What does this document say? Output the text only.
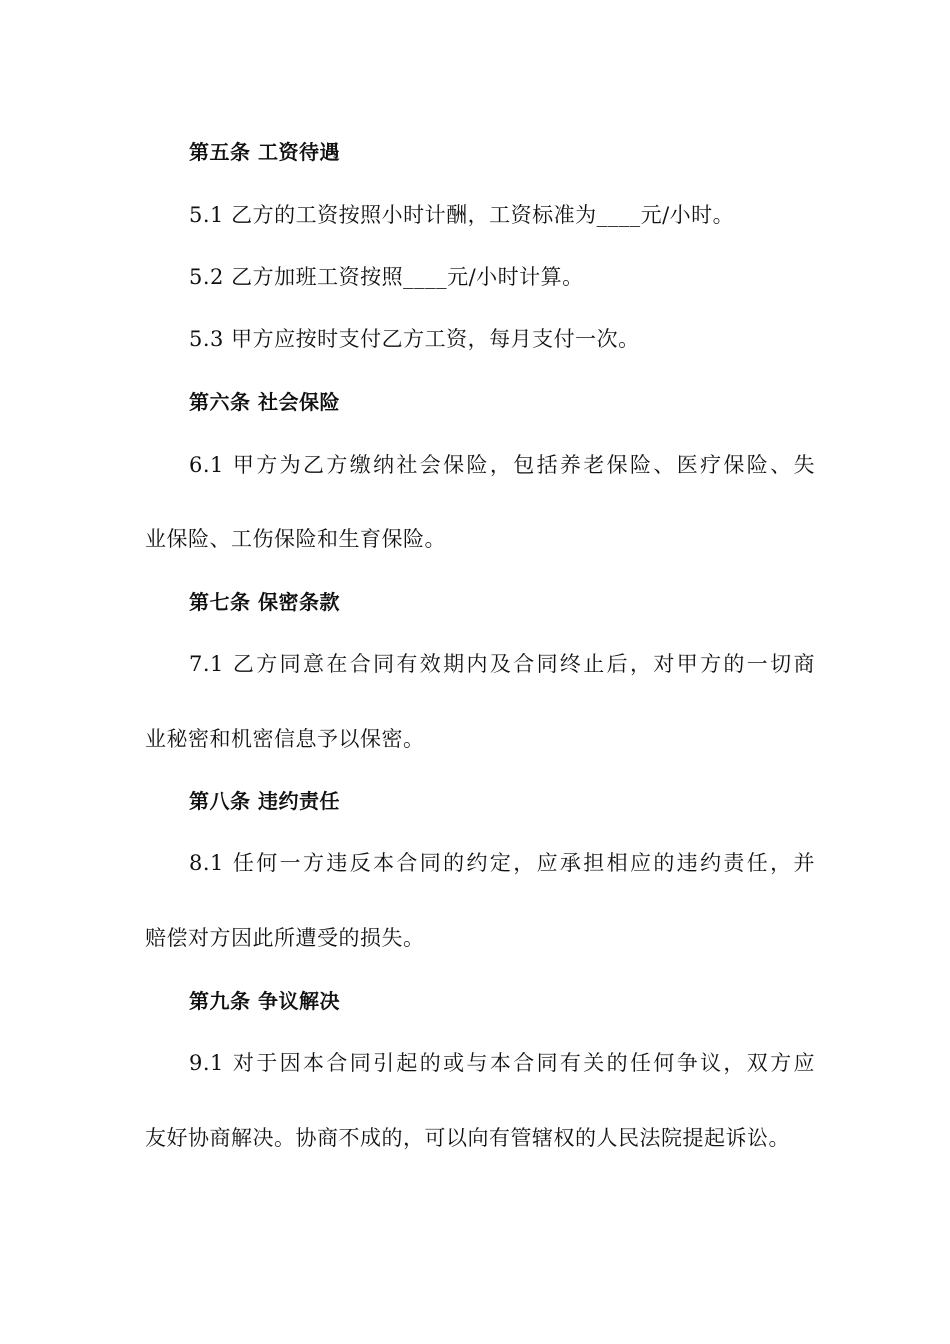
第五条 工资待遇
5.1 乙方的工资按照小时计酬，工资标准为____元/小时。
5.2 乙方加班工资按照____元/小时计算。
5.3 甲方应按时支付乙方工资，每月支付一次。
第六条 社会保险
6.1 甲方为乙方缴纳社会保险，包括养老保险、医疗保险、失
业保险、工伤保险和生育保险。
第七条 保密条款
7.1 乙方同意在合同有效期内及合同终止后，对甲方的一切商
业秘密和机密信息予以保密。
第八条 违约责任
8.1 任何一方违反本合同的约定，应承担相应的违约责任，并
赔偿对方因此所遭受的损失。
第九条 争议解决
9.1 对于因本合同引起的或与本合同有关的任何争议，双方应
友好协商解决。协商不成的，可以向有管辖权的人民法院提起诉讼。
